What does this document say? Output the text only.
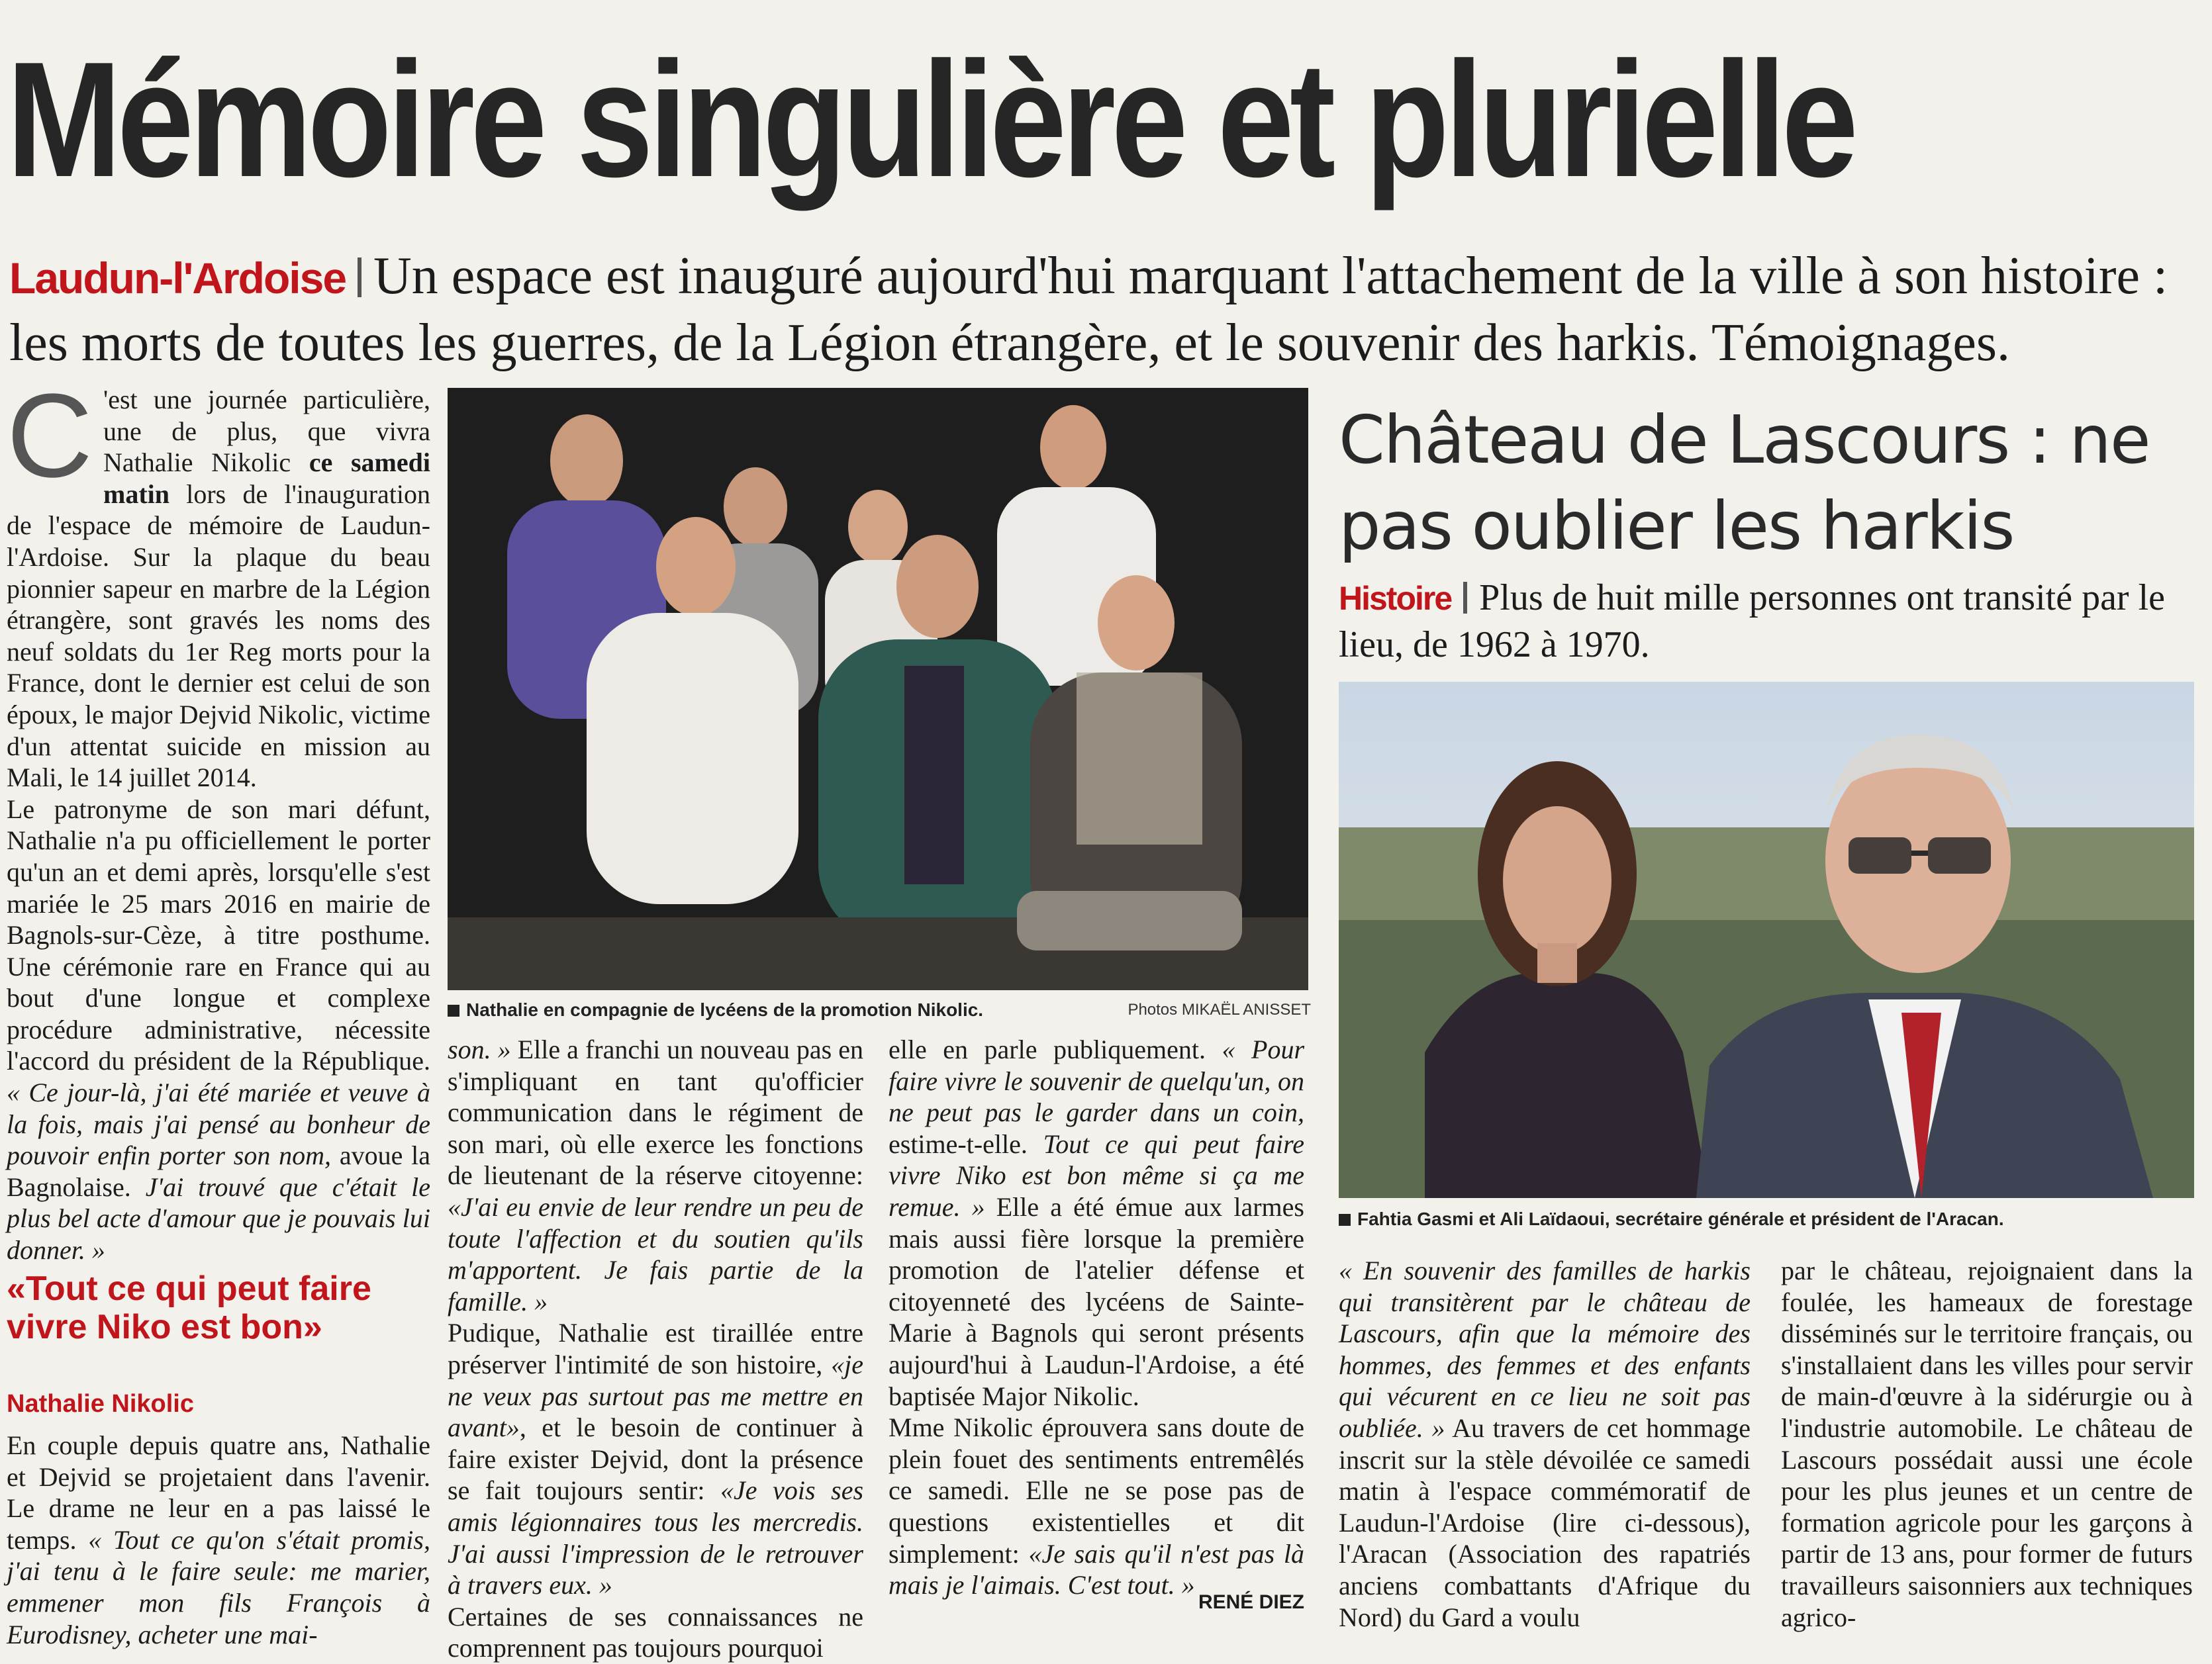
Mémoire singulière et plurielle
Laudun-l'Ardoise Un espace est inauguré aujourd'hui marquant l'attachement de la ville à son histoire : les morts de toutes les guerres, de la Légion étrangère, et le souvenir des harkis. Témoignages.

C 'est une journée particulière, une de plus, que vivra Nathalie Nikolic ce samedi matin lors de l'inauguration de l'espace de mémoire de Laudun-l'Ardoise. Sur la plaque du beau pionnier sapeur en marbre de la Légion étrangère, sont gravés les noms des neuf soldats du 1er Reg morts pour la France, dont le dernier est celui de son époux, le major Dejvid Nikolic, victime d'un attentat suicide en mission au Mali, le 14 juillet 2014.

Le patronyme de son mari défunt, Nathalie n'a pu officiellement le porter qu'un an et demi après, lorsqu'elle s'est mariée le 25 mars 2016 en mairie de Bagnols-sur-Cèze, à titre posthume. Une cérémonie rare en France qui au bout d'une longue et complexe procédure administrative, nécessite l'accord du président de la République. « Ce jour-là, j'ai été mariée et veuve à la fois, mais j'ai pensé au bonheur de pouvoir enfin porter son nom, avoue la Bagnolaise. J'ai trouvé que c'était le plus bel acte d'amour que je pouvais lui donner. »

«Tout ce qui peut faire vivre Niko est bon»
Nathalie Nikolic

En couple depuis quatre ans, Nathalie et Dejvid se projetaient dans l'avenir. Le drame ne leur en a pas laissé le temps. « Tout ce qu'on s'était promis, j'ai tenu à le faire seule: me marier, emmener mon fils François à Eurodisney, acheter une mai-

Nathalie en compagnie de lycéens de la promotion Nikolic.	Photos MIKAËL ANISSET

son. » Elle a franchi un nouveau pas en s'impliquant en tant qu'officier communication dans le régiment de son mari, où elle exerce les fonctions de lieutenant de la réserve citoyenne: «J'ai eu envie de leur rendre un peu de toute l'affection et du soutien qu'ils m'apportent. Je fais partie de la famille. »

Pudique, Nathalie est tiraillée entre préserver l'intimité de son histoire, «je ne veux pas surtout pas me mettre en avant», et le besoin de continuer à faire exister Dejvid, dont la présence se fait toujours sentir: «Je vois ses amis légionnaires tous les mercredis. J'ai aussi l'impression de le retrouver à travers eux. »

Certaines de ses connaissances ne comprennent pas toujours pourquoi

elle en parle publiquement. « Pour faire vivre le souvenir de quelqu'un, on ne peut pas le garder dans un coin, estime-t-elle. Tout ce qui peut faire vivre Niko est bon même si ça me remue. » Elle a été émue aux larmes mais aussi fière lorsque la première promotion de l'atelier défense et citoyenneté des lycéens de Sainte-Marie à Bagnols qui seront présents aujourd'hui à Laudun-l'Ardoise, a été baptisée Major Nikolic.

Mme Nikolic éprouvera sans doute de plein fouet des sentiments entremêlés ce samedi. Elle ne se pose pas de questions existentielles et dit simplement: «Je sais qu'il n'est pas là mais je l'aimais. C'est tout. »

RENÉ DIEZ
Château de Lascours : ne pas oublier les harkis
Histoire Plus de huit mille personnes ont transité par le lieu, de 1962 à 1970.
Fahtia Gasmi et Ali Laïdaoui, secrétaire générale et président de l'Aracan.

« En souvenir des familles de harkis qui transitèrent par le château de Lascours, afin que la mémoire des hommes, des femmes et des enfants qui vécurent en ce lieu ne soit pas oubliée. » Au travers de cet hommage inscrit sur la stèle dévoilée ce samedi matin à l'espace commémoratif de Laudun-l'Ardoise (lire ci-dessous), l'Aracan (Association des rapatriés anciens combattants d'Afrique du Nord) du Gard a voulu

par le château, rejoignaient dans la foulée, les hameaux de forestage disséminés sur le territoire français, ou s'installaient dans les villes pour servir de main-d'œuvre à la sidérurgie ou à l'industrie automobile. Le château de Lascours possédait aussi une école pour les plus jeunes et un centre de formation agricole pour les garçons à partir de 13 ans, pour former de futurs travailleurs saisonniers aux techniques agrico-
